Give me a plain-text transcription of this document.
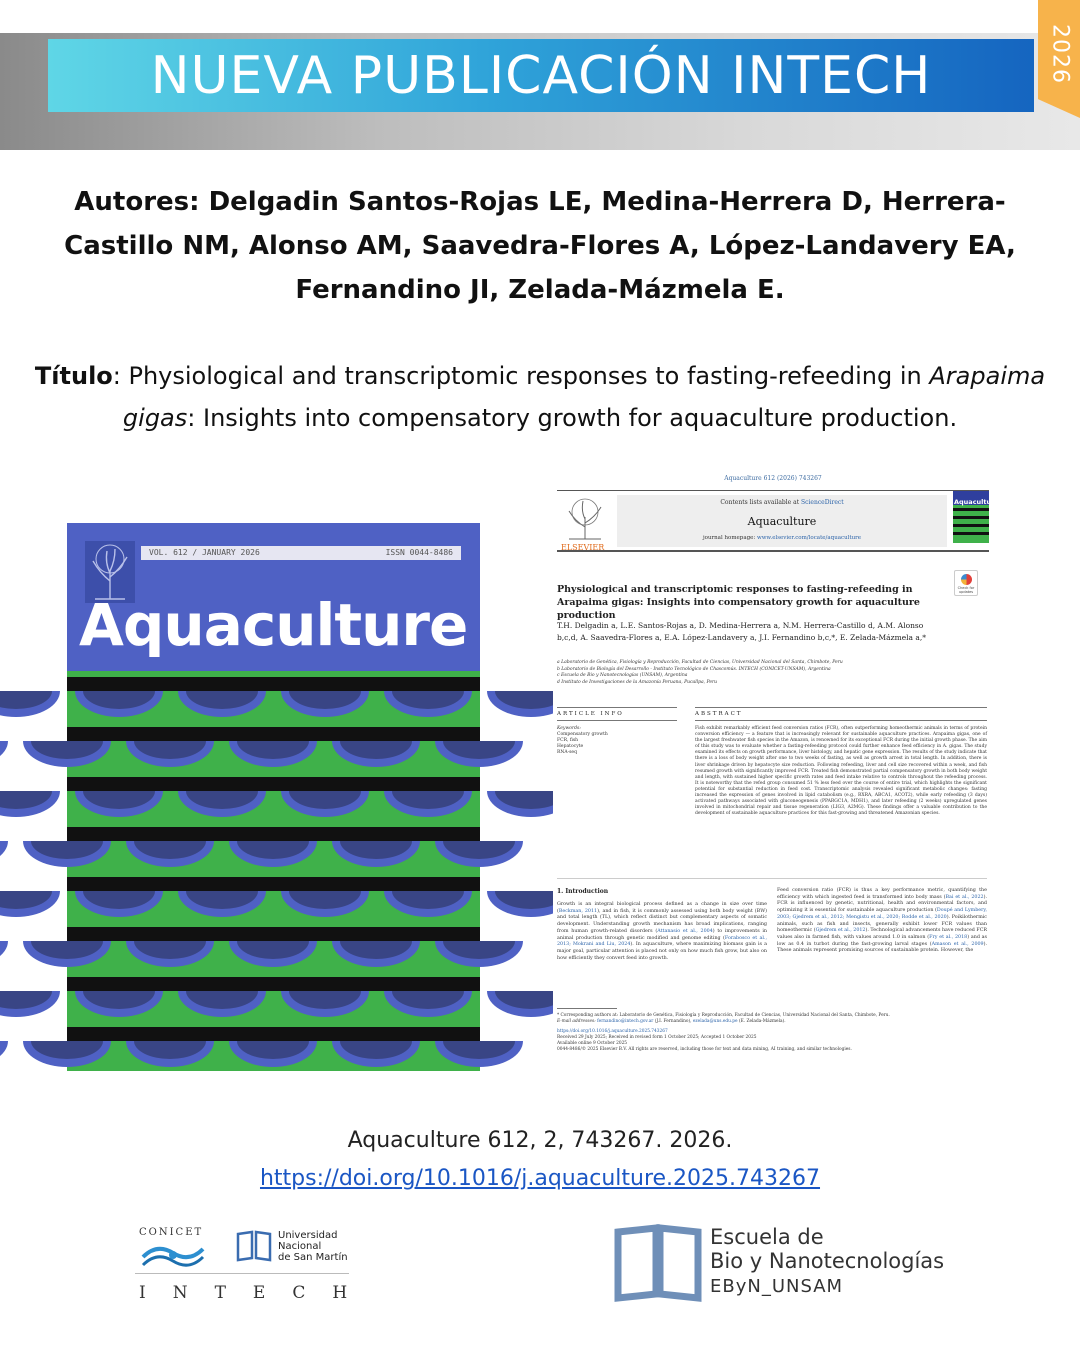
NUEVA PUBLICACIÓN INTECH	2026
Autores: Delgadin Santos-Rojas LE, Medina-Herrera D, Herrera-Castillo NM, Alonso AM, Saavedra-Flores A, López-Landavery EA, Fernandino JI, Zelada-Mázmela E.
Título: Physiological and transcriptomic responses to fasting-refeeding in Arapaima gigas: Insights into compensatory growth for aquaculture production.
VOL. 612 / JANUARY 2026	ISSN 0044-8486
Aquaculture
Aquaculture 612 (2026) 743267
ELSEVIER
Contents lists available at ScienceDirect
Aquaculture
journal homepage: www.elsevier.com/locate/aquaculture
Aquaculture
Physiological and transcriptomic responses to fasting-refeeding in Arapaima gigas: Insights into compensatory growth for aquaculture production
Check for updates
T.H. Delgadin a, L.E. Santos-Rojas a, D. Medina-Herrera a, N.M. Herrera-Castillo d, A.M. Alonso b,c,d, A. Saavedra-Flores a, E.A. López-Landavery a, J.I. Fernandino b,c,*, E. Zelada-Mázmela a,*
a Laboratorio de Genética, Fisiología y Reproducción, Facultad de Ciencias, Universidad Nacional del Santa, Chimbote, Peru
b Laboratorio de Biología del Desarrollo - Instituto Tecnológico de Chascomús. INTECH (CONICET-UNSAM), Argentina
c Escuela de Bio y Nanotecnologías (UNSAM), Argentina
d Instituto de Investigaciones de la Amazonía Peruana, Pucallpa, Peru
ARTICLE INFO	ABSTRACT
Keywords:
Compensatory growth
FCR, fish
Hepatocyte
RNA-seq
Fish exhibit remarkably efficient feed conversion ratios (FCR), often outperforming homeothermic animals in terms of protein conversion efficiency — a feature that is increasingly relevant for sustainable aquaculture practices. Arapaima gigas, one of the largest freshwater fish species in the Amazon, is renowned for its exceptional FCR during the initial growth phase. The aim of this study was to evaluate whether a fasting-refeeding protocol could further enhance feed efficiency in A. gigas. The study examined its effects on growth performance, liver histology, and hepatic gene expression. The results of the study indicate that there is a loss of body weight after one to two weeks of fasting, as well as growth arrest in total length. In addition, there is liver shrinkage driven by hepatocyte size reduction. Following refeeding, liver and cell size recovered within a week, and fish resumed growth with significantly improved FCR. Treated fish demonstrated partial compensatory growth in both body weight and length, with sustained higher specific growth rates and feed intake relative to controls throughout the refeeding process. It is noteworthy that the refed group consumed 51 % less feed over the course of entire trial, which highlights the significant potential for substantial reduction in feed cost. Transcriptomic analysis revealed significant metabolic changes: fasting increased the expression of genes involved in lipid catabolism (e.g., RXRA, ABCA1, ACOT2), while early refeeding (3 days) activated pathways associated with gluconeogenesis (PPARGC1A, MDH1), and later refeeding (2 weeks) upregulated genes involved in mitochondrial repair and tissue regeneration (LIG3, A2MG). These findings offer a valuable contribution to the development of sustainable aquaculture practices for this fast-growing and threatened Amazonian species.
1. Introduction
Growth is an integral biological process defined as a change in size over time (Beckman, 2011), and in fish, it is commonly assessed using both body weight (BW) and total length (TL), which reflect distinct but complementary aspects of somatic development. Understanding growth mechanism has broad implications, ranging from human growth-related disorders (Attanasio et al., 2004) to improvements in animal production through genetic modified and genome editing (Forabosco et al., 2013; Mokrani and Liu, 2024). In aquaculture, where maximizing biomass gain is a major goal, particular attention is placed not only on how much fish grow, but also on how efficiently they convert feed into growth.
Feed conversion ratio (FCR) is thus a key performance metric, quantifying the efficiency with which ingested feed is transformed into body mass (Bai et al., 2022). FCR is influenced by genetic, nutritional, health and environmental factors, and optimizing it is essential for sustainable aquaculture production (Doupé and Lymbery, 2003; Gjedrem et al., 2012; Mengistu et al., 2020; Rodde et al., 2020). Poikilothermic animals, such as fish and insects, generally exhibit lower FCR values than homeothermic (Gjedrem et al., 2012). Technological advancements have reduced FCR values also in farmed fish, with values around 1.0 in salmon (Fry et al., 2018) and as low as 0.4 in turbot during the fast-growing larval stages (Amason et al., 2009). These animals represent promising sources of sustainable protein. However, the
* Corresponding authors at: Laboratorio de Genética, Fisiología y Reproducción, Facultad de Ciencias, Universidad Nacional del Santa, Chimbote, Peru.
E-mail addresses: fernandino@intech.gov.ar (J.I. Fernandino), ezelada@uns.edu.pe (E. Zelada-Mázmela).
https://doi.org/10.1016/j.aquaculture.2025.743267
Received 29 July 2025; Received in revised form 1 October 2025; Accepted 1 October 2025
Available online 9 October 2025
0044-8486/© 2025 Elsevier B.V. All rights are reserved, including those for text and data mining, AI training, and similar technologies.
Aquaculture 612, 2, 743267. 2026.
https://doi.org/10.1016/j.aquaculture.2025.743267
CONICET	Universidad
Nacional
de San Martín
INTECH
Escuela de
Bio y Nanotecnologías
EByN_UNSAM
